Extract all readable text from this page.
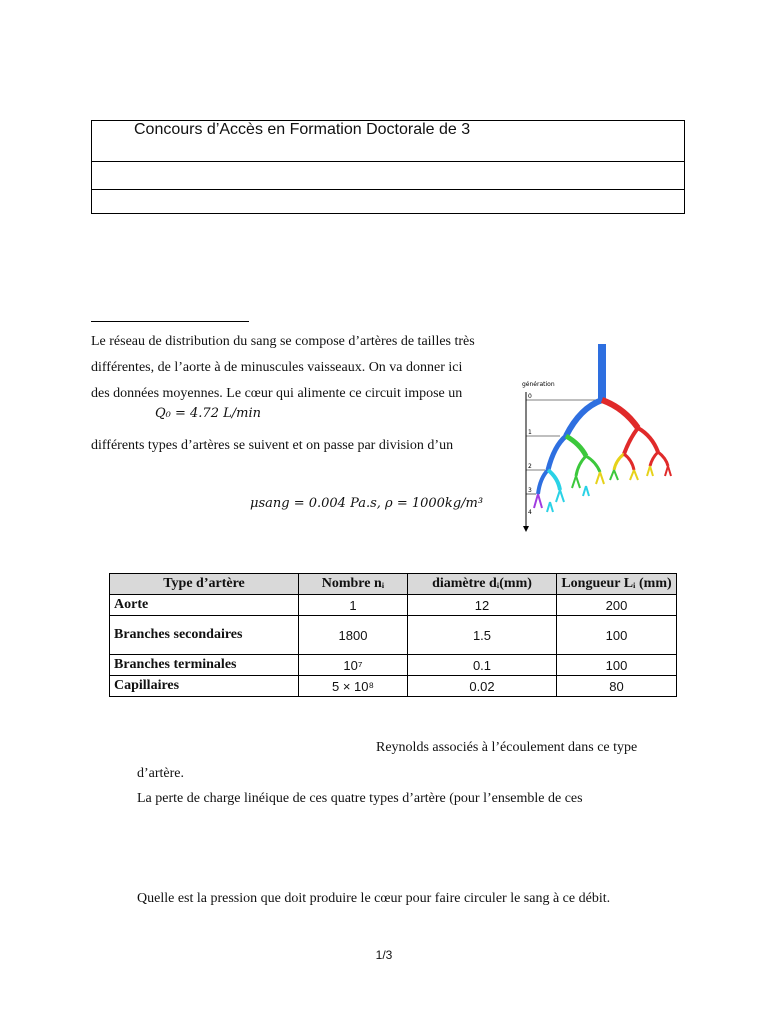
Concours d’Accès en Formation Doctorale de 3
Le réseau de distribution du sang se compose d’artères de tailles très
différentes, de l’aorte à de minuscules vaisseaux. On va donner ici
des données moyennes. Le cœur qui alimente ce circuit impose un
Q₀ = 4.72 L/min
différents types d’artères se suivent et on passe par division d’un
μsang = 0.004 Pa.s, ρ = 1000kg/m³
génération
0
1
2
3
4
Type d’artère	Nombre nᵢ	diamètre dᵢ(mm)	Longueur Lᵢ (mm)
Aorte	1	12	200
Branches secondaires	1800	1.5	100
Branches terminales	10⁷	0.1	100
Capillaires	5 × 10⁸	0.02	80
Reynolds associés à l’écoulement dans ce type
d’artère.
La perte de charge linéique de ces quatre types d’artère (pour l’ensemble de ces
Quelle est la pression que doit produire le cœur pour faire circuler le sang à ce débit.
1/3
